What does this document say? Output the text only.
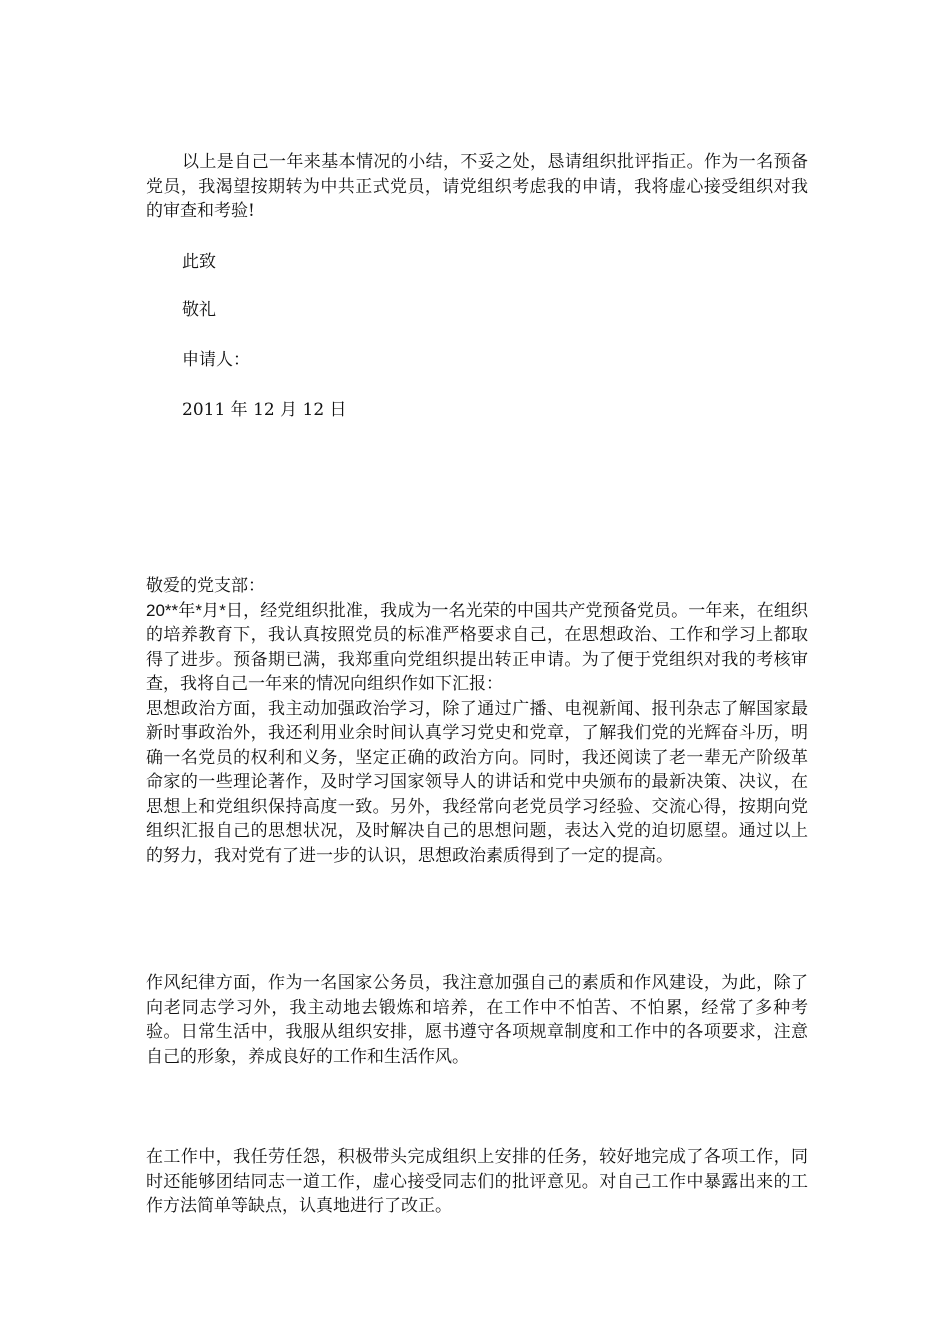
以上是自己一年来基本情况的小结，不妥之处，恳请组织批评指正。作为一名预备党员，我渴望按期转为中共正式党员，请党组织考虑我的申请，我将虚心接受组织对我的审查和考验!

此致
敬礼
申请人：
2011 年 12 月 12 日

敬爱的党支部：

20**年*月*日，经党组织批准，我成为一名光荣的中国共产党预备党员。一年来，在组织的培养教育下，我认真按照党员的标准严格要求自己，在思想政治、工作和学习上都取得了进步。预备期已满，我郑重向党组织提出转正申请。为了便于党组织对我的考核审查，我将自己一年来的情况向组织作如下汇报：

思想政治方面，我主动加强政治学习，除了通过广播、电视新闻、报刊杂志了解国家最新时事政治外，我还利用业余时间认真学习党史和党章，了解我们党的光辉奋斗历，明确一名党员的权利和义务，坚定正确的政治方向。同时，我还阅读了老一辈无产阶级革命家的一些理论著作，及时学习国家领导人的讲话和党中央颁布的最新决策、决议，在思想上和党组织保持高度一致。另外，我经常向老党员学习经验、交流心得，按期向党组织汇报自己的思想状况，及时解决自己的思想问题，表达入党的迫切愿望。通过以上的努力，我对党有了进一步的认识，思想政治素质得到了一定的提高。

作风纪律方面，作为一名国家公务员，我注意加强自己的素质和作风建设，为此，除了向老同志学习外，我主动地去锻炼和培养，在工作中不怕苦、不怕累，经常了多种考验。日常生活中，我服从组织安排，愿书遵守各项规章制度和工作中的各项要求，注意自己的形象，养成良好的工作和生活作风。

在工作中，我任劳任怨，积极带头完成组织上安排的任务，较好地完成了各项工作，同时还能够团结同志一道工作，虚心接受同志们的批评意见。对自己工作中暴露出来的工作方法简单等缺点，认真地进行了改正。
